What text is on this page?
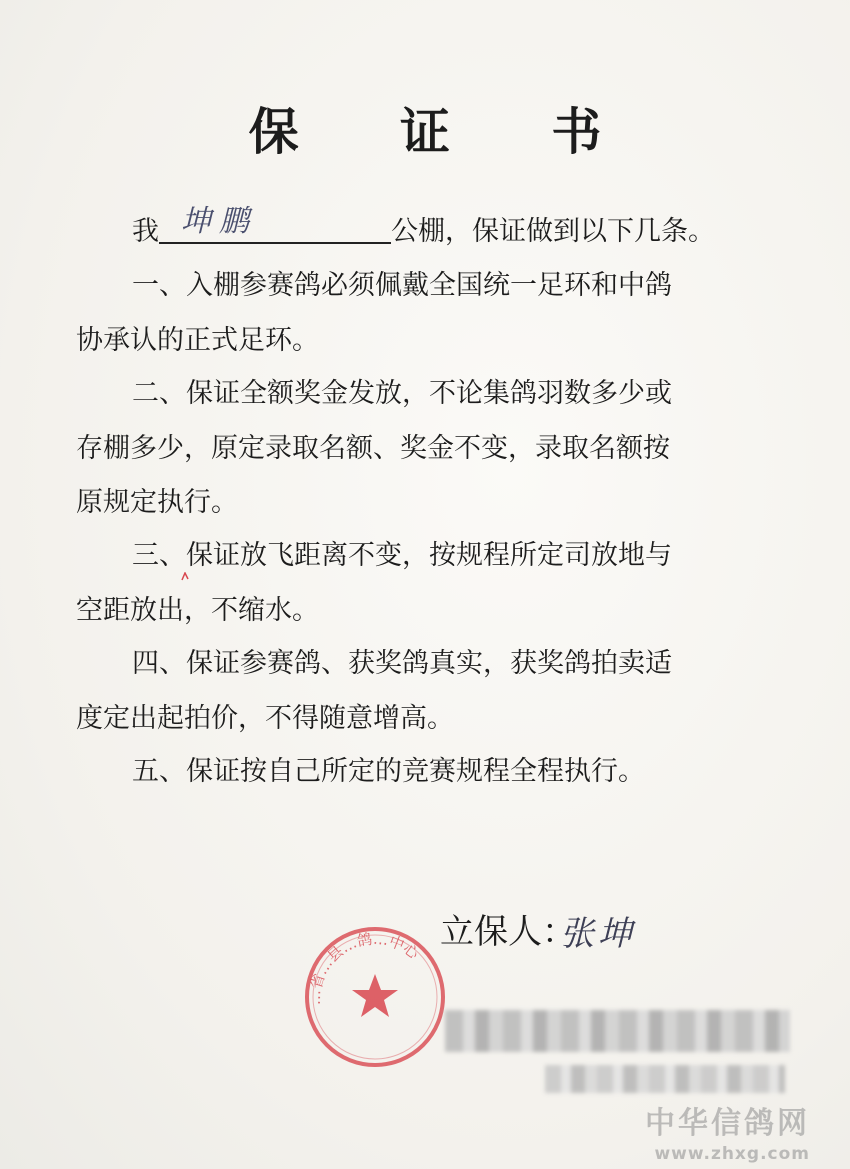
保 证 书
我 坤鹏	公棚，保证做到以下几条。
一、入棚参赛鸽必须佩戴全国统一足环和中鸽
协承认的正式足环。
二、保证全额奖金发放，不论集鸽羽数多少或
存棚多少，原定录取名额、奖金不变，录取名额按
原规定执行。
三、保证放飞距离不变，按规程所定司放地与
空距放出，不缩水。
四、保证参赛鸽、获奖鸽真实，获奖鸽拍卖适
度定出起拍价，不得随意增高。
五、保证按自己所定的竞赛规程全程执行。
…省…县…鸽…中心 立保人：
张坤
中华信鸽网
www.zhxg.com
